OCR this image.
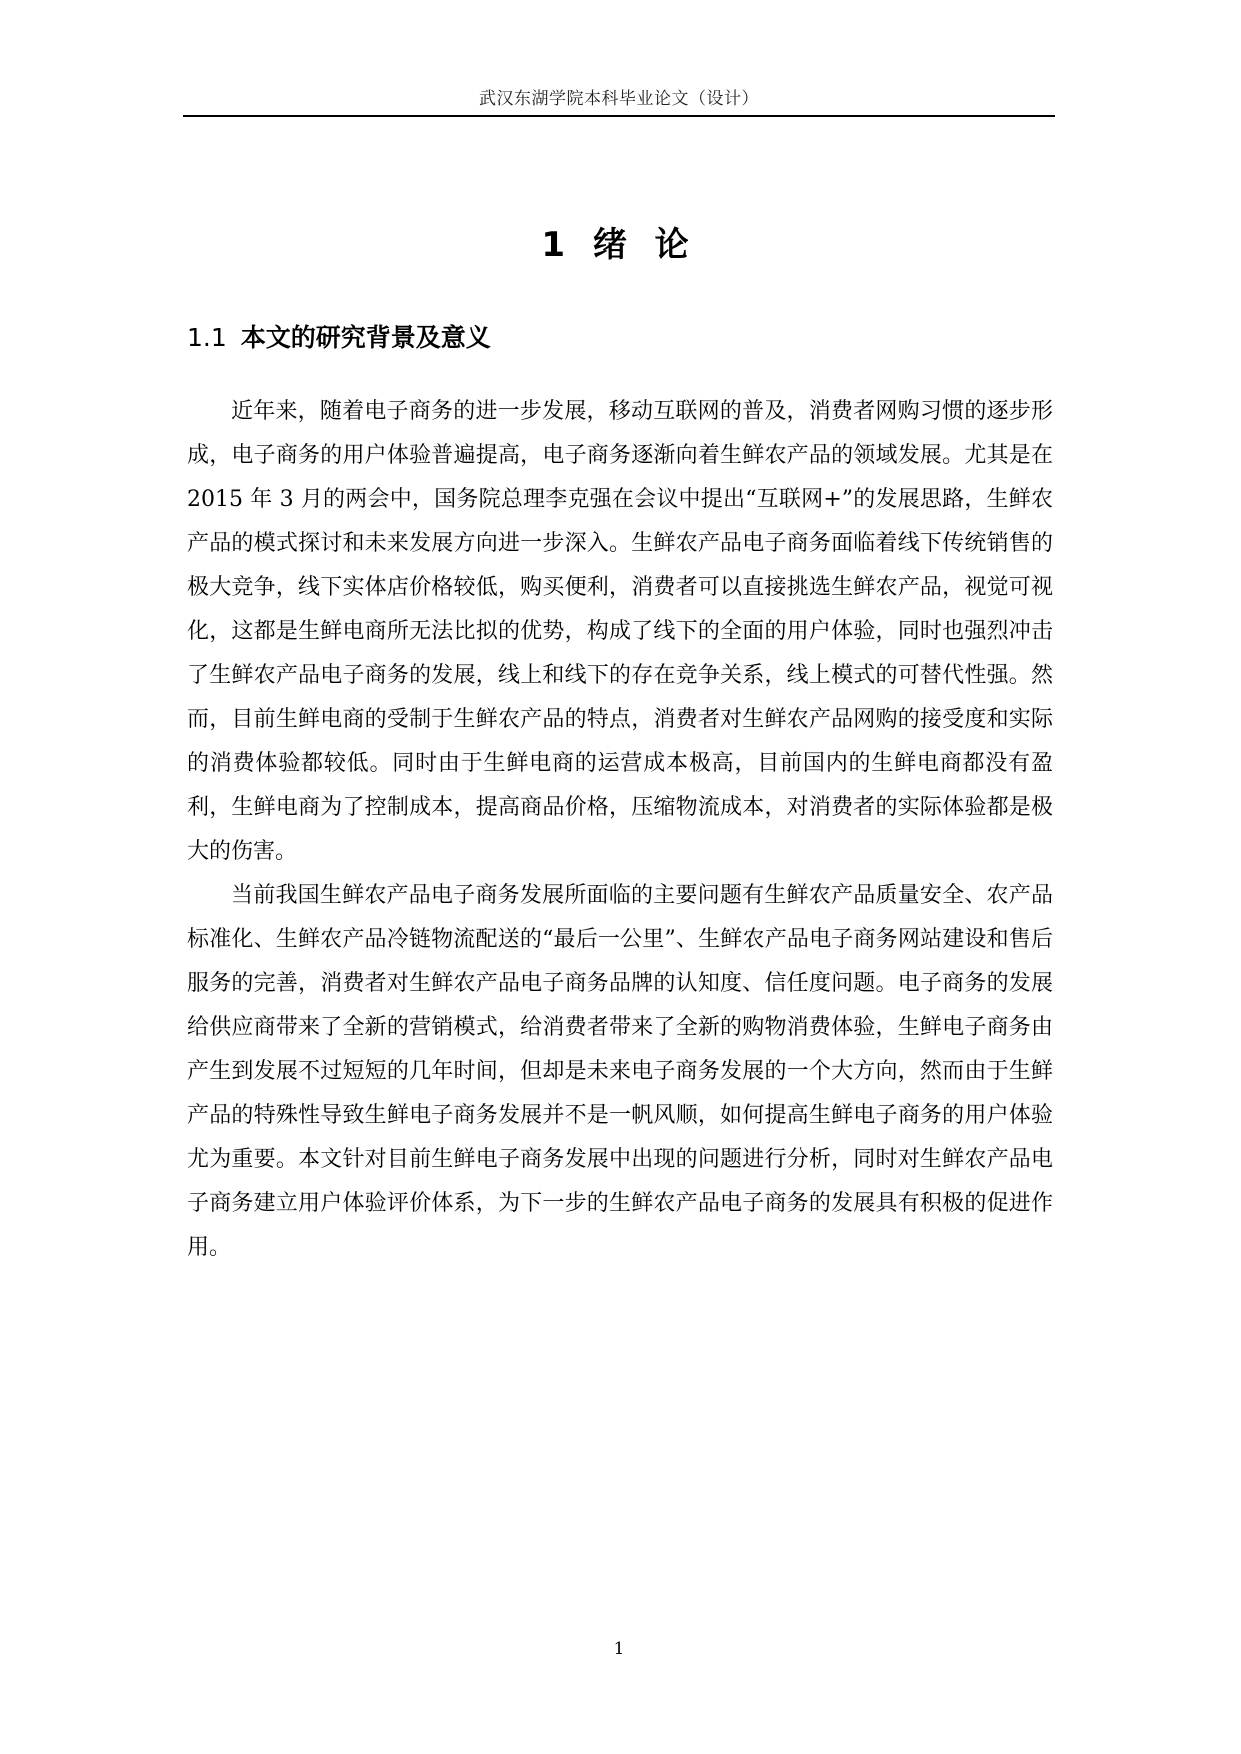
武汉东湖学院本科毕业论文（设计）
1 绪 论
1.1 本文的研究背景及意义

近年来，随着电子商务的进一步发展，移动互联网的普及，消费者网购习惯的逐步形成，电子商务的用户体验普遍提高，电子商务逐渐向着生鲜农产品的领域发展。尤其是在 2015 年 3 月的两会中，国务院总理李克强在会议中提出“互联网+”的发展思路，生鲜农产品的模式探讨和未来发展方向进一步深入。生鲜农产品电子商务面临着线下传统销售的极大竞争，线下实体店价格较低，购买便利，消费者可以直接挑选生鲜农产品，视觉可视化，这都是生鲜电商所无法比拟的优势，构成了线下的全面的用户体验，同时也强烈冲击了生鲜农产品电子商务的发展，线上和线下的存在竞争关系，线上模式的可替代性强。然而，目前生鲜电商的受制于生鲜农产品的特点，消费者对生鲜农产品网购的接受度和实际的消费体验都较低。同时由于生鲜电商的运营成本极高，目前国内的生鲜电商都没有盈利，生鲜电商为了控制成本，提高商品价格，压缩物流成本，对消费者的实际体验都是极大的伤害。

当前我国生鲜农产品电子商务发展所面临的主要问题有生鲜农产品质量安全、农产品标准化、生鲜农产品冷链物流配送的“最后一公里”、生鲜农产品电子商务网站建设和售后服务的完善，消费者对生鲜农产品电子商务品牌的认知度、信任度问题。电子商务的发展给供应商带来了全新的营销模式，给消费者带来了全新的购物消费体验，生鲜电子商务由产生到发展不过短短的几年时间，但却是未来电子商务发展的一个大方向，然而由于生鲜产品的特殊性导致生鲜电子商务发展并不是一帆风顺，如何提高生鲜电子商务的用户体验尤为重要。本文针对目前生鲜电子商务发展中出现的问题进行分析，同时对生鲜农产品电子商务建立用户体验评价体系，为下一步的生鲜农产品电子商务的发展具有积极的促进作用。

1
